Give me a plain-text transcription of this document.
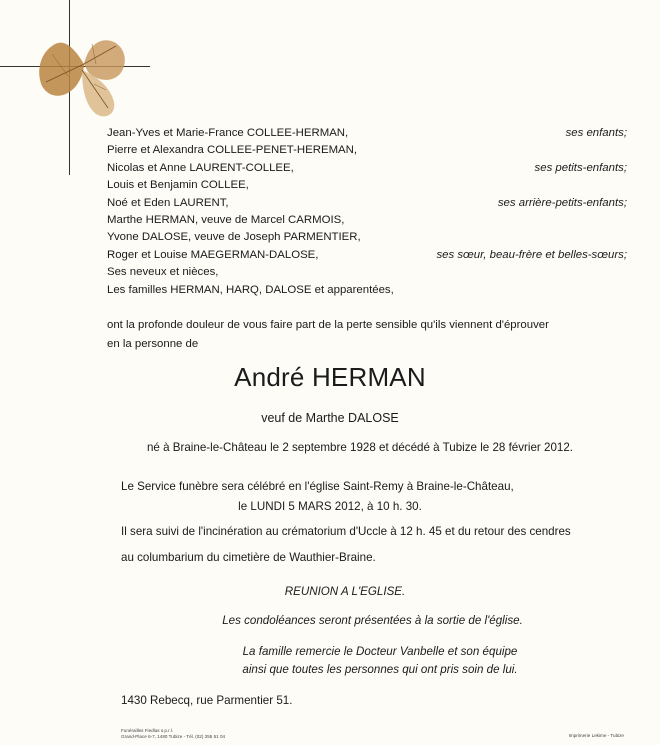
Jean-Yves et Marie-France COLLEE-HERMAN,	ses enfants;
Pierre et Alexandra COLLEE-PENET-HEREMAN,
Nicolas et Anne LAURENT-COLLEE,	ses petits-enfants;
Louis et Benjamin COLLEE,
Noé et Eden LAURENT,	ses arrière-petits-enfants;
Marthe HERMAN, veuve de Marcel CARMOIS,
Yvone DALOSE, veuve de Joseph PARMENTIER,
Roger et Louise MAEGERMAN-DALOSE,	ses sœur, beau-frère et belles-sœurs;
Ses neveux et nièces,
Les familles HERMAN, HARQ, DALOSE et apparentées,
ont la profonde douleur de vous faire part de la perte sensible qu'ils viennent d'éprouver
en la personne de
André HERMAN
veuf de Marthe DALOSE
né à Braine-le-Château le 2 septembre 1928 et décédé à Tubize le 28 février 2012.
Le Service funèbre sera célébré en l'église Saint-Remy à Braine-le-Château,
le LUNDI 5 MARS 2012, à 10 h. 30.
Il sera suivi de l'incinération au crématorium d'Uccle à 12 h. 45 et du retour des cendres
au columbarium du cimetière de Wauthier-Braine.
REUNION A L'EGLISE.
Les condoléances seront présentées à la sortie de l'église.
La famille remercie le Docteur Vanbelle et son équipe
ainsi que toutes les personnes qui ont pris soin de lui.
1430 Rebecq, rue Parmentier 51.
Funérailles Fiedlas s.p.r.l.
Grand-Place 6-7, 1480 Tubize - Tél. (02) 355 51 04	Imprimerie Lekime - Tubize
